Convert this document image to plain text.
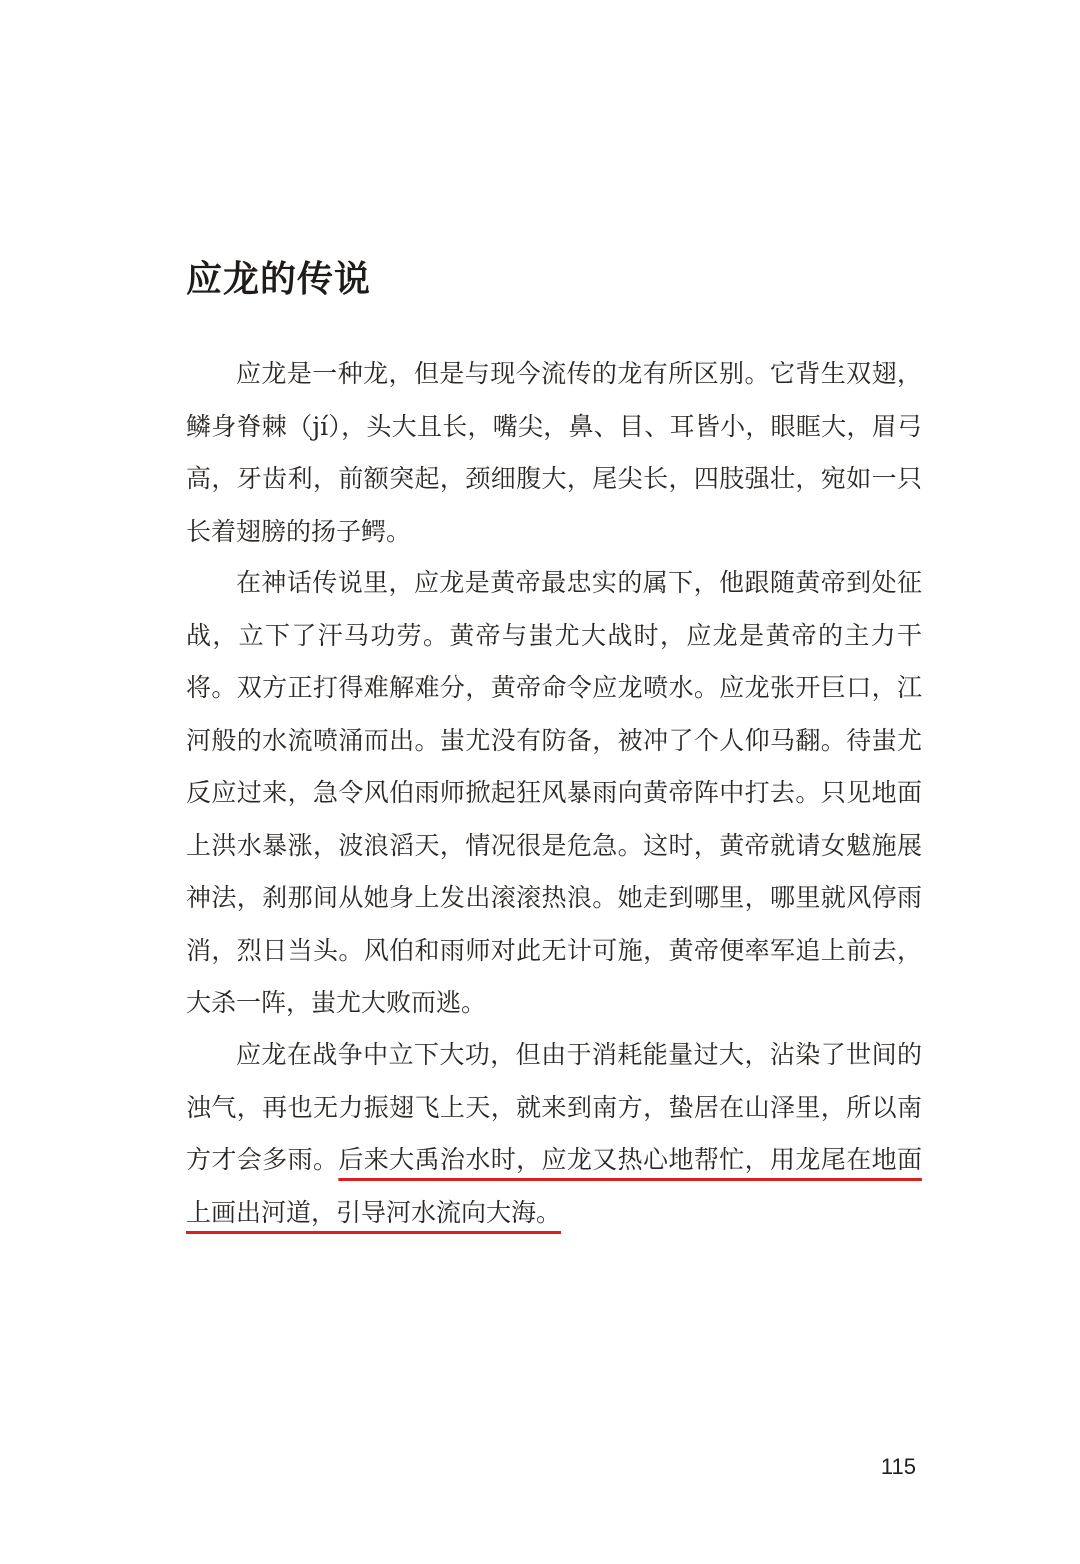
应龙的传说

应龙是一种龙，但是与现今流传的龙有所区别。它背生双翅，鳞身脊棘（jí），头大且长，嘴尖，鼻、目、耳皆小，眼眶大，眉弓高，牙齿利，前额突起，颈细腹大，尾尖长，四肢强壮，宛如一只长着翅膀的扬子鳄。

在神话传说里，应龙是黄帝最忠实的属下，他跟随黄帝到处征战，立下了汗马功劳。黄帝与蚩尤大战时，应龙是黄帝的主力干将。双方正打得难解难分，黄帝命令应龙喷水。应龙张开巨口，江河般的水流喷涌而出。蚩尤没有防备，被冲了个人仰马翻。待蚩尤反应过来，急令风伯雨师掀起狂风暴雨向黄帝阵中打去。只见地面上洪水暴涨，波浪滔天，情况很是危急。这时，黄帝就请女魃施展神法，刹那间从她身上发出滚滚热浪。她走到哪里，哪里就风停雨消，烈日当头。风伯和雨师对此无计可施，黄帝便率军追上前去，大杀一阵，蚩尤大败而逃。

应龙在战争中立下大功，但由于消耗能量过大，沾染了世间的浊气，再也无力振翅飞上天，就来到南方，蛰居在山泽里，所以南方才会多雨。后来大禹治水时，应龙又热心地帮忙，用龙尾在地面上画出河道，引导河水流向大海。

115
